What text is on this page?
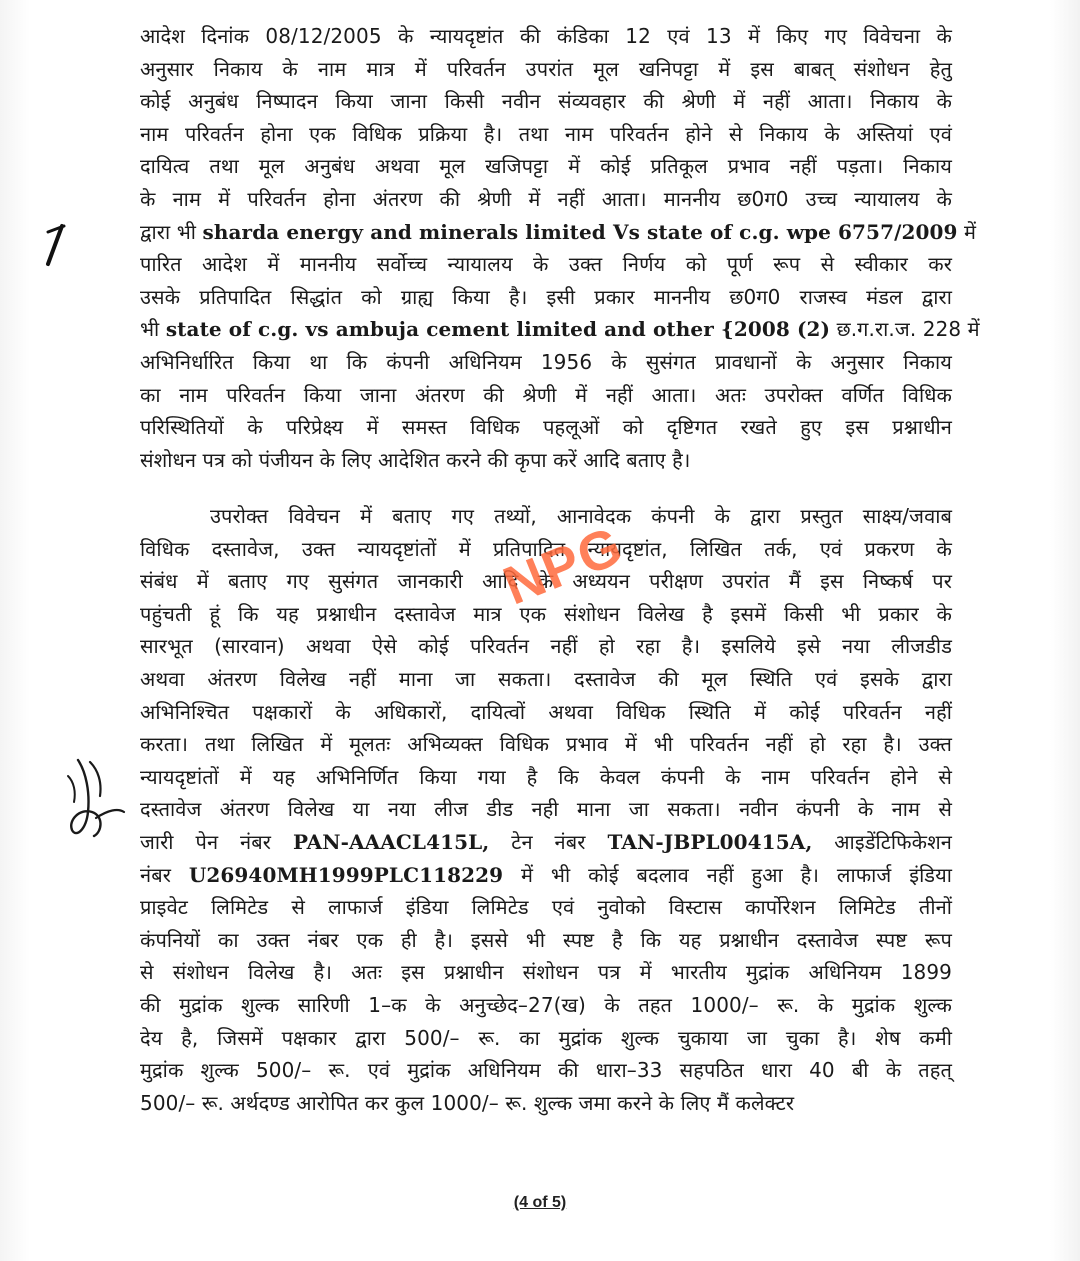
आदेश दिनांक 08/12/2005 के न्यायदृष्टांत की कंडिका 12 एवं 13 में किए गए विवेचना के
अनुसार निकाय के नाम मात्र में परिवर्तन उपरांत मूल खनिपट्टा में इस बाबत् संशोधन हेतु
कोई अनुबंध निष्पादन किया जाना किसी नवीन संव्यवहार की श्रेणी में नहीं आता। निकाय के
नाम परिवर्तन होना एक विधिक प्रक्रिया है। तथा नाम परिवर्तन होने से निकाय के अस्तियां एवं
दायित्व तथा मूल अनुबंध अथवा मूल खजिपट्टा में कोई प्रतिकूल प्रभाव नहीं पड़ता। निकाय
के नाम में परिवर्तन होना अंतरण की श्रेणी में नहीं आता। माननीय छ0ग0 उच्च न्यायालय के
द्वारा भी sharda energy and minerals limited Vs state of c.g. wpe 6757/2009 में
पारित आदेश में माननीय सर्वोच्च न्यायालय के उक्त निर्णय को पूर्ण रूप से स्वीकार कर
उसके प्रतिपादित सिद्धांत को ग्राह्य किया है। इसी प्रकार माननीय छ0ग0 राजस्व मंडल द्वारा
भी state of c.g. vs ambuja cement limited and other {2008 (2) छ.ग.रा.ज. 228 में
अभिनिर्धारित किया था कि कंपनी अधिनियम 1956 के सुसंगत प्रावधानों के अनुसार निकाय
का नाम परिवर्तन किया जाना अंतरण की श्रेणी में नहीं आता। अतः उपरोक्त वर्णित विधिक
परिस्थितियों के परिप्रेक्ष्य में समस्त विधिक पहलूओं को दृष्टिगत रखते हुए इस प्रश्नाधीन
संशोधन पत्र को पंजीयन के लिए आदेशित करने की कृपा करें आदि बताए है।
उपरोक्त विवेचन में बताए गए तथ्यों, आनावेदक कंपनी के द्वारा प्रस्तुत साक्ष्य/जवाब
विधिक दस्तावेज, उक्त न्यायदृष्टांतों में प्रतिपादित न्यायदृष्टांत, लिखित तर्क, एवं प्रकरण के
संबंध में बताए गए सुसंगत जानकारी आदि के अध्ययन परीक्षण उपरांत मैं इस निष्कर्ष पर
पहुंचती हूं कि यह प्रश्नाधीन दस्तावेज मात्र एक संशोधन विलेख है इसमें किसी भी प्रकार के
सारभूत (सारवान) अथवा ऐसे कोई परिवर्तन नहीं हो रहा है। इसलिये इसे नया लीजडीड
अथवा अंतरण विलेख नहीं माना जा सकता। दस्तावेज की मूल स्थिति एवं इसके द्वारा
अभिनिश्चित पक्षकारों के अधिकारों, दायित्वों अथवा विधिक स्थिति में कोई परिवर्तन नहीं
करता। तथा लिखित में मूलतः अभिव्यक्त विधिक प्रभाव में भी परिवर्तन नहीं हो रहा है। उक्त
न्यायदृष्टांतों में यह अभिनिर्णित किया गया है कि केवल कंपनी के नाम परिवर्तन होने से
दस्तावेज अंतरण विलेख या नया लीज डीड नही माना जा सकता। नवीन कंपनी के नाम से
जारी पेन नंबर PAN-AAACL415L, टेन नंबर TAN-JBPL00415A, आइडेंटिफिकेशन
नंबर U26940MH1999PLC118229 में भी कोई बदलाव नहीं हुआ है। लाफार्ज इंडिया
प्राइवेट लिमिटेड से लाफार्ज इंडिया लिमिटेड एवं नुवोको विस्टास कार्पोरेशन लिमिटेड तीनों
कंपनियों का उक्त नंबर एक ही है। इससे भी स्पष्ट है कि यह प्रश्नाधीन दस्तावेज स्पष्ट रूप
से संशोधन विलेख है। अतः इस प्रश्नाधीन संशोधन पत्र में भारतीय मुद्रांक अधिनियम 1899
की मुद्रांक शुल्क सारिणी 1–क के अनुच्छेद–27(ख) के तहत 1000/– रू. के मुद्रांक शुल्क
देय है, जिसमें पक्षकार द्वारा 500/– रू. का मुद्रांक शुल्क चुकाया जा चुका है। शेष कमी
मुद्रांक शुल्क 500/– रू. एवं मुद्रांक अधिनियम की धारा–33 सहपठित धारा 40 बी के तहत्
500/– रू. अर्थदण्ड आरोपित कर कुल 1000/– रू. शुल्क जमा करने के लिए मैं कलेक्टर
NPG
(4 of 5)
